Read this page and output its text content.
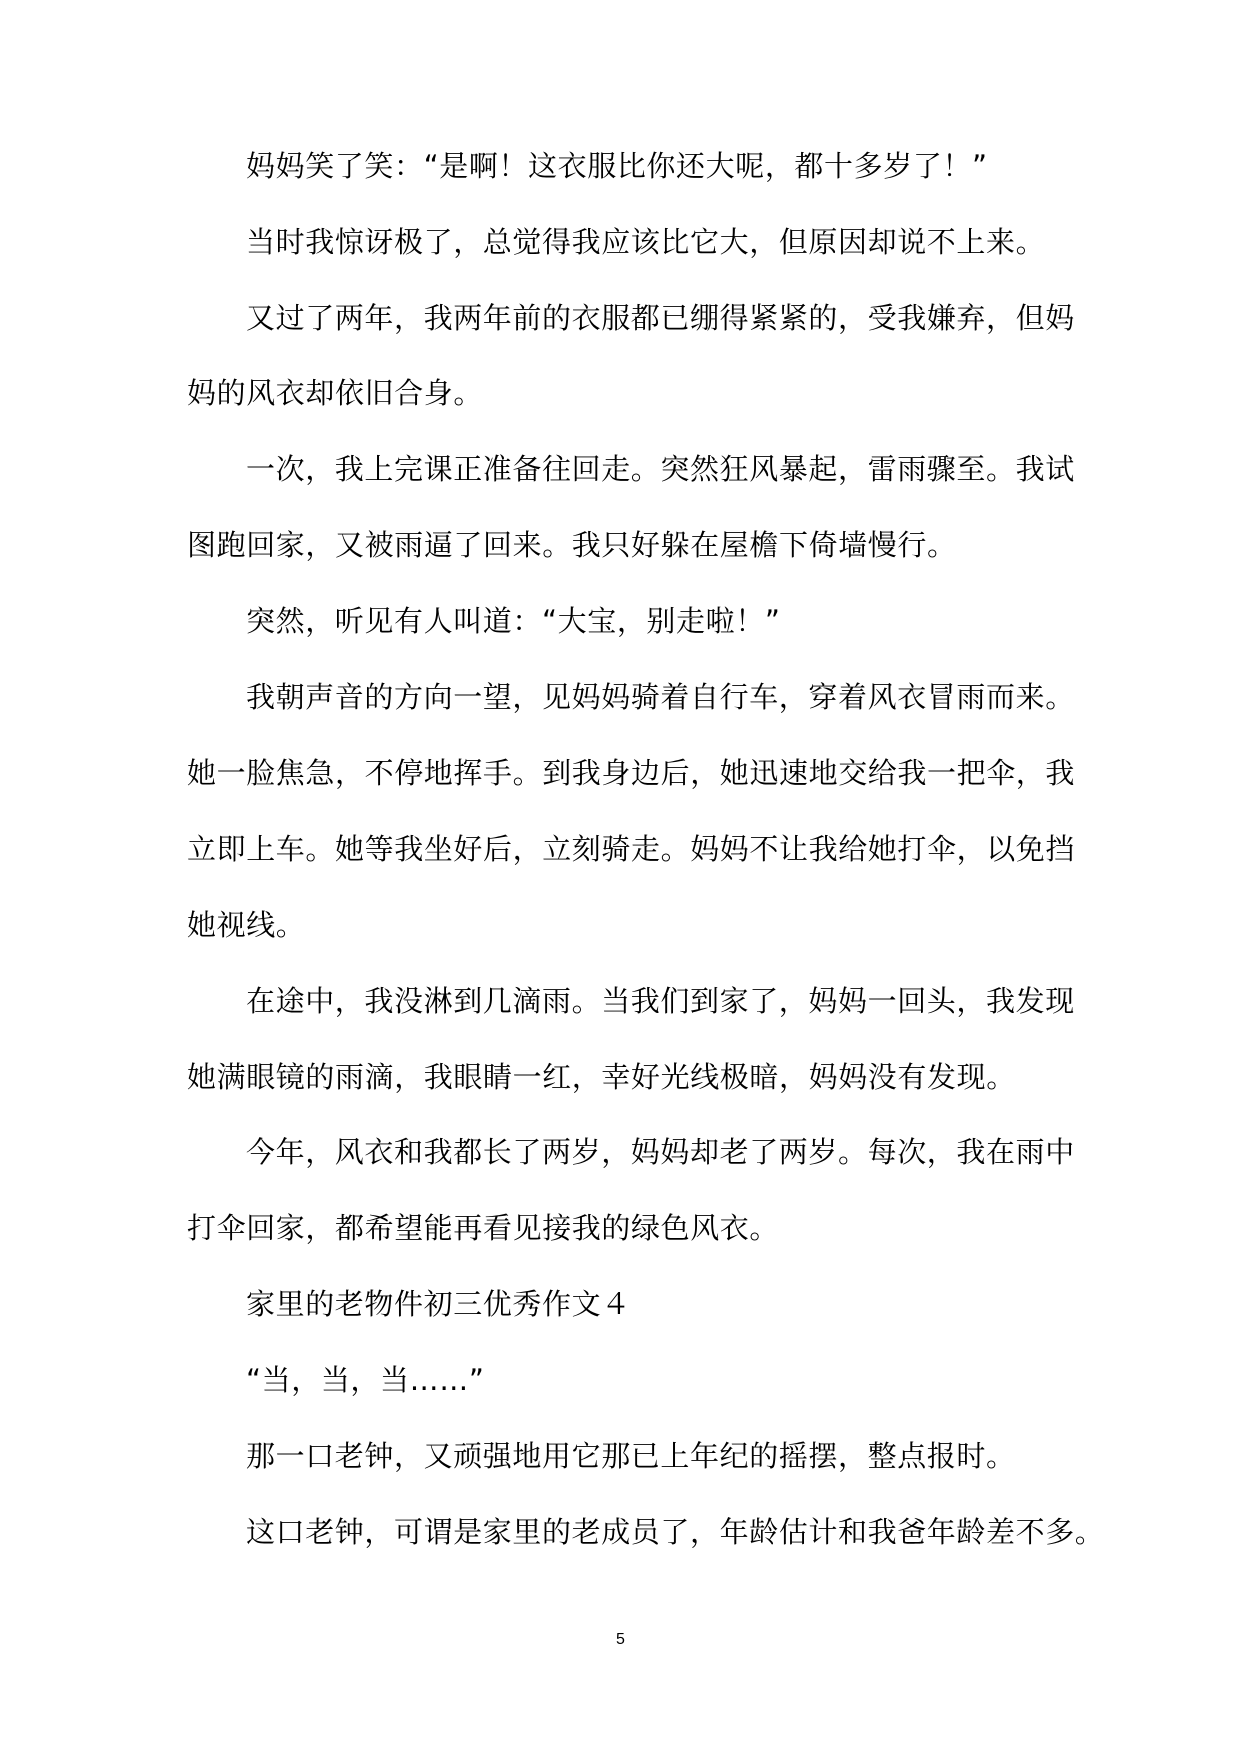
妈妈笑了笑：“是啊！这衣服比你还大呢，都十多岁了！”
当时我惊讶极了，总觉得我应该比它大，但原因却说不上来。
又过了两年，我两年前的衣服都已绷得紧紧的，受我嫌弃，但妈
妈的风衣却依旧合身。
一次，我上完课正准备往回走。突然狂风暴起，雷雨骤至。我试
图跑回家，又被雨逼了回来。我只好躲在屋檐下倚墙慢行。
突然，听见有人叫道：“大宝，别走啦！”
我朝声音的方向一望，见妈妈骑着自行车，穿着风衣冒雨而来。
她一脸焦急，不停地挥手。到我身边后，她迅速地交给我一把伞，我
立即上车。她等我坐好后，立刻骑走。妈妈不让我给她打伞，以免挡
她视线。
在途中，我没淋到几滴雨。当我们到家了，妈妈一回头，我发现
她满眼镜的雨滴，我眼睛一红，幸好光线极暗，妈妈没有发现。
今年，风衣和我都长了两岁，妈妈却老了两岁。每次，我在雨中
打伞回家，都希望能再看见接我的绿色风衣。
家里的老物件初三优秀作文４
“当，当，当……”
那一口老钟，又顽强地用它那已上年纪的摇摆，整点报时。
这口老钟，可谓是家里的老成员了，年龄估计和我爸年龄差不多。
5
